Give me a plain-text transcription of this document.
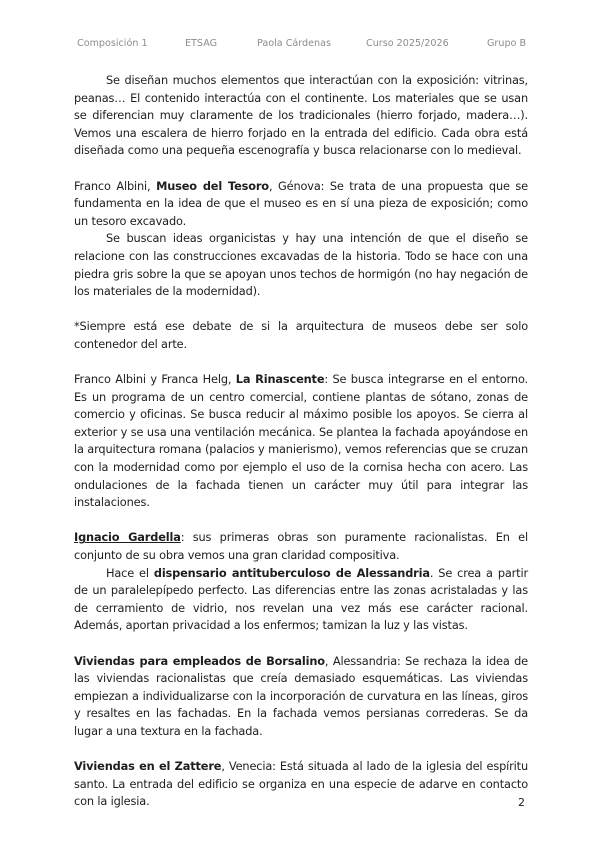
Composición 1	ETSAG	Paola Cárdenas	Curso 2025/2026	Grupo B

Se diseñan muchos elementos que interactúan con la exposición: vitrinas, peanas… El contenido interactúa con el continente. Los materiales que se usan se diferencian muy claramente de los tradicionales (hierro forjado, madera…). Vemos una escalera de hierro forjado en la entrada del edificio. Cada obra está diseñada como una pequeña escenografía y busca relacionarse con lo medieval.

Franco Albini, Museo del Tesoro, Génova: Se trata de una propuesta que se fundamenta en la idea de que el museo es en sí una pieza de exposición; como un tesoro excavado.

Se buscan ideas organicistas y hay una intención de que el diseño se relacione con las construcciones excavadas de la historia. Todo se hace con una piedra gris sobre la que se apoyan unos techos de hormigón (no hay negación de los materiales de la modernidad).

*Siempre está ese debate de si la arquitectura de museos debe ser solo contenedor del arte.

Franco Albini y Franca Helg, La Rinascente: Se busca integrarse en el entorno. Es un programa de un centro comercial, contiene plantas de sótano, zonas de comercio y oficinas. Se busca reducir al máximo posible los apoyos. Se cierra al exterior y se usa una ventilación mecánica. Se plantea la fachada apoyándose en la arquitectura romana (palacios y manierismo), vemos referencias que se cruzan con la modernidad como por ejemplo el uso de la cornisa hecha con acero. Las ondulaciones de la fachada tienen un carácter muy útil para integrar las instalaciones.

Ignacio Gardella: sus primeras obras son puramente racionalistas. En el conjunto de su obra vemos una gran claridad compositiva.

Hace el dispensario antituberculoso de Alessandria. Se crea a partir de un paralelepípedo perfecto. Las diferencias entre las zonas acristaladas y las de cerramiento de vidrio, nos revelan una vez más ese carácter racional. Además, aportan privacidad a los enfermos; tamizan la luz y las vistas.

Viviendas para empleados de Borsalino, Alessandria: Se rechaza la idea de las viviendas racionalistas que creía demasiado esquemáticas. Las viviendas empiezan a individualizarse con la incorporación de curvatura en las líneas, giros y resaltes en las fachadas. En la fachada vemos persianas correderas. Se da lugar a una textura en la fachada.

Viviendas en el Zattere, Venecia: Está situada al lado de la iglesia del espíritu santo. La entrada del edificio se organiza en una especie de adarve en contacto con la iglesia.	2
